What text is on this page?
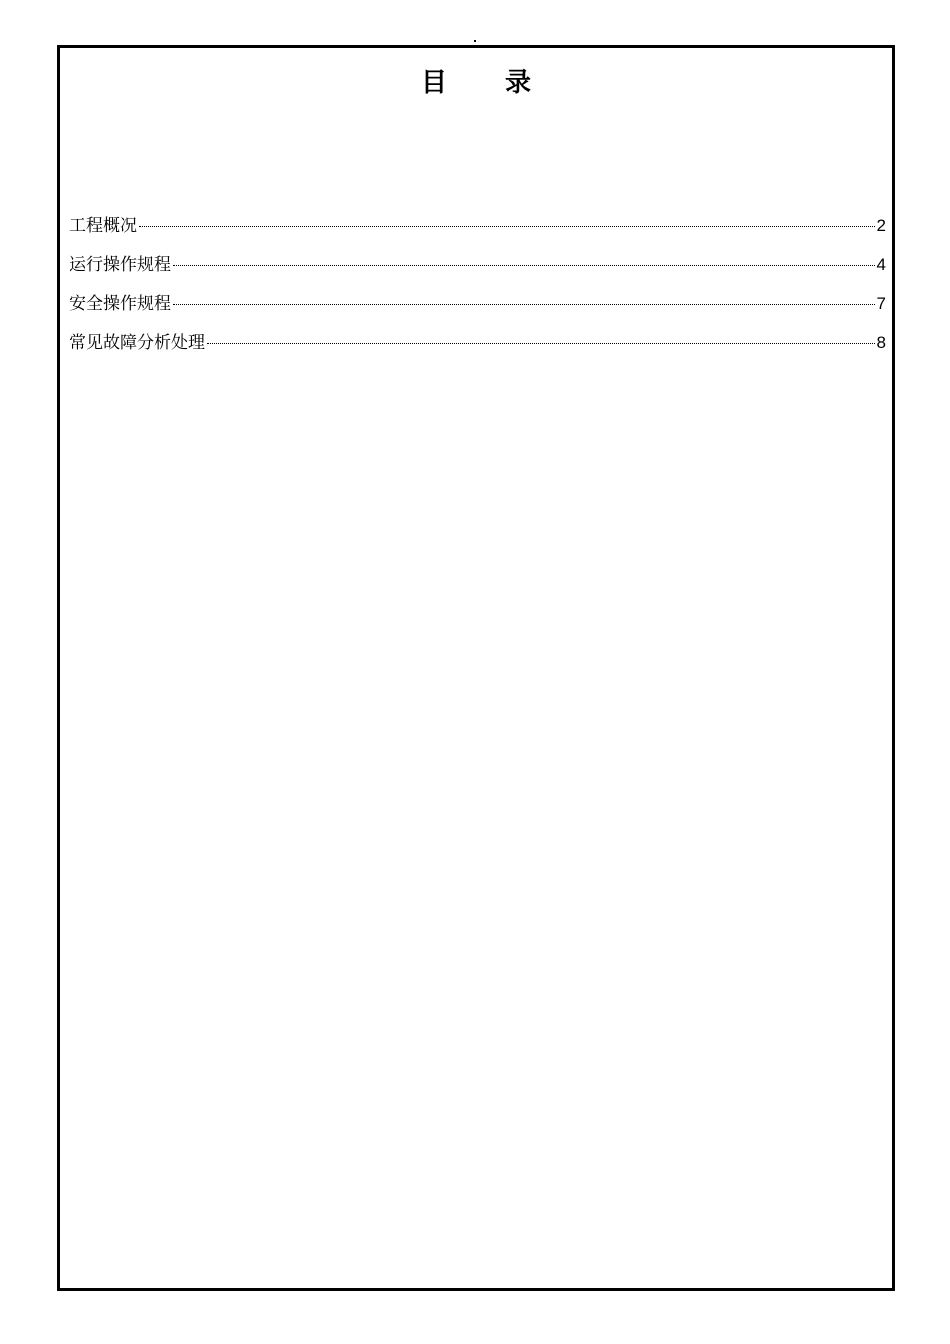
目 录
工程概况	2
运行操作规程	4
安全操作规程	7
常见故障分析处理	8
